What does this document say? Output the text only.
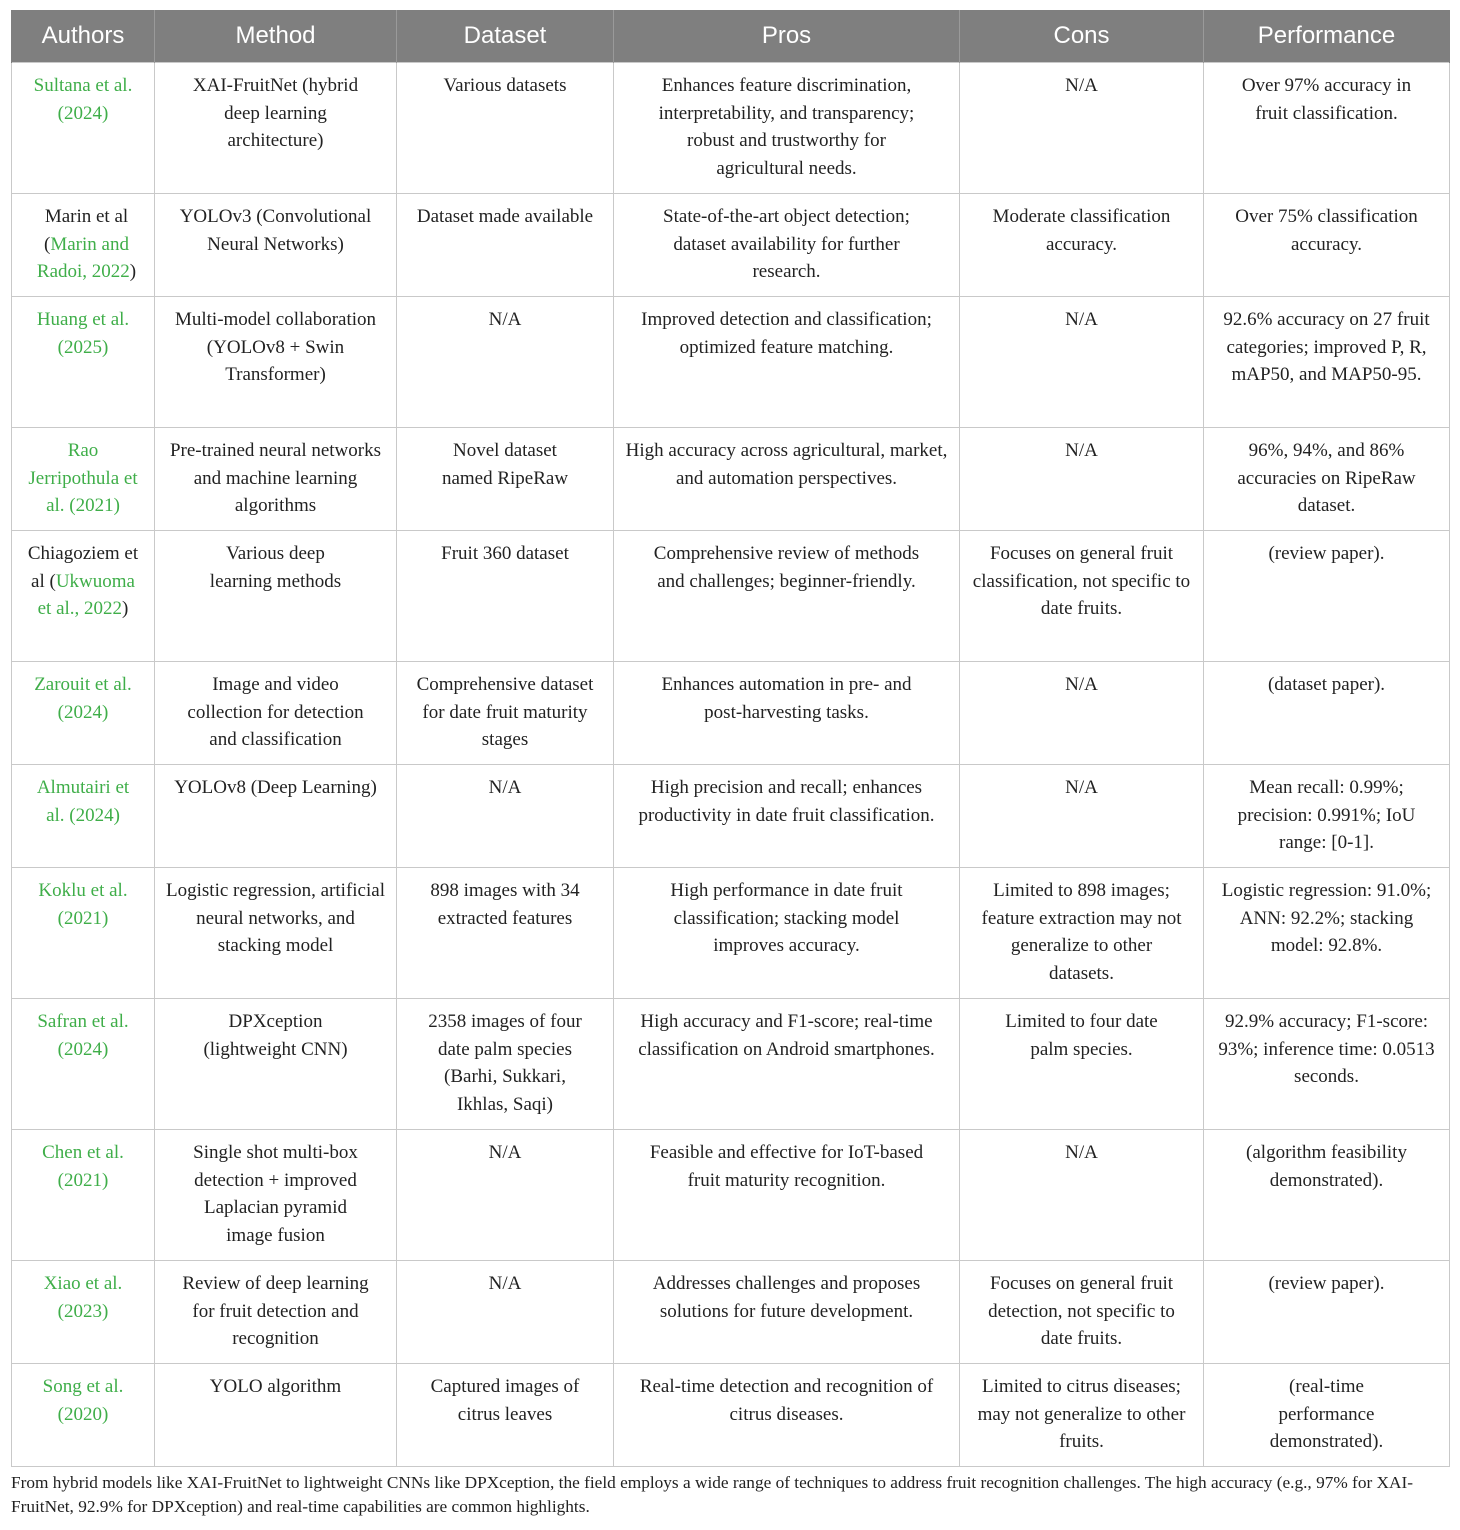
Authors	Method	Dataset	Pros	Cons	Performance
Sultana et al. (2024)	XAI-FruitNet (hybrid deep learning architecture)	Various datasets	Enhances feature discrimination, interpretability, and transparency; robust and trustworthy for agricultural needs.	N/A	Over 97% accuracy in fruit classification.
Marin et al (Marin and Radoi, 2022)	YOLOv3 (Convolutional Neural Networks)	Dataset made available	State-of-the-art object detection; dataset availability for further research.	Moderate classification accuracy.	Over 75% classification accuracy.
Huang et al. (2025)	Multi-model collaboration (YOLOv8 + Swin Transformer)	N/A	Improved detection and classification; optimized feature matching.	N/A	92.6% accuracy on 27 fruit categories; improved P, R, mAP50, and MAP50-95.
Rao Jerripothula et al. (2021)	Pre-trained neural networks and machine learning algorithms	Novel dataset named RipeRaw	High accuracy across agricultural, market, and automation perspectives.	N/A	96%, 94%, and 86% accuracies on RipeRaw dataset.
Chiagoziem et al (Ukwuoma et al., 2022)	Various deep learning methods	Fruit 360 dataset	Comprehensive review of methods and challenges; beginner-friendly.	Focuses on general fruit classification, not specific to date fruits.	(review paper).
Zarouit et al. (2024)	Image and video collection for detection and classification	Comprehensive dataset for date fruit maturity stages	Enhances automation in pre- and post-harvesting tasks.	N/A	(dataset paper).
Almutairi et al. (2024)	YOLOv8 (Deep Learning)	N/A	High precision and recall; enhances productivity in date fruit classification.	N/A	Mean recall: 0.99%; precision: 0.991%; IoU range: [0-1].
Koklu et al. (2021)	Logistic regression, artificial neural networks, and stacking model	898 images with 34 extracted features	High performance in date fruit classification; stacking model improves accuracy.	Limited to 898 images; feature extraction may not generalize to other datasets.	Logistic regression: 91.0%; ANN: 92.2%; stacking model: 92.8%.
Safran et al. (2024)	DPXception (lightweight CNN)	2358 images of four date palm species (Barhi, Sukkari, Ikhlas, Saqi)	High accuracy and F1-score; real-time classification on Android smartphones.	Limited to four date palm species.	92.9% accuracy; F1-score: 93%; inference time: 0.0513 seconds.
Chen et al. (2021)	Single shot multi-box detection + improved Laplacian pyramid image fusion	N/A	Feasible and effective for IoT-based fruit maturity recognition.	N/A	(algorithm feasibility demonstrated).
Xiao et al. (2023)	Review of deep learning for fruit detection and recognition	N/A	Addresses challenges and proposes solutions for future development.	Focuses on general fruit detection, not specific to date fruits.	(review paper).
Song et al. (2020)	YOLO algorithm	Captured images of citrus leaves	Real-time detection and recognition of citrus diseases.	Limited to citrus diseases; may not generalize to other fruits.	(real-time performance demonstrated).
From hybrid models like XAI-FruitNet to lightweight CNNs like DPXception, the field employs a wide range of techniques to address fruit recognition challenges. The high accuracy (e.g., 97% for XAI-FruitNet, 92.9% for DPXception) and real-time capabilities are common highlights.
